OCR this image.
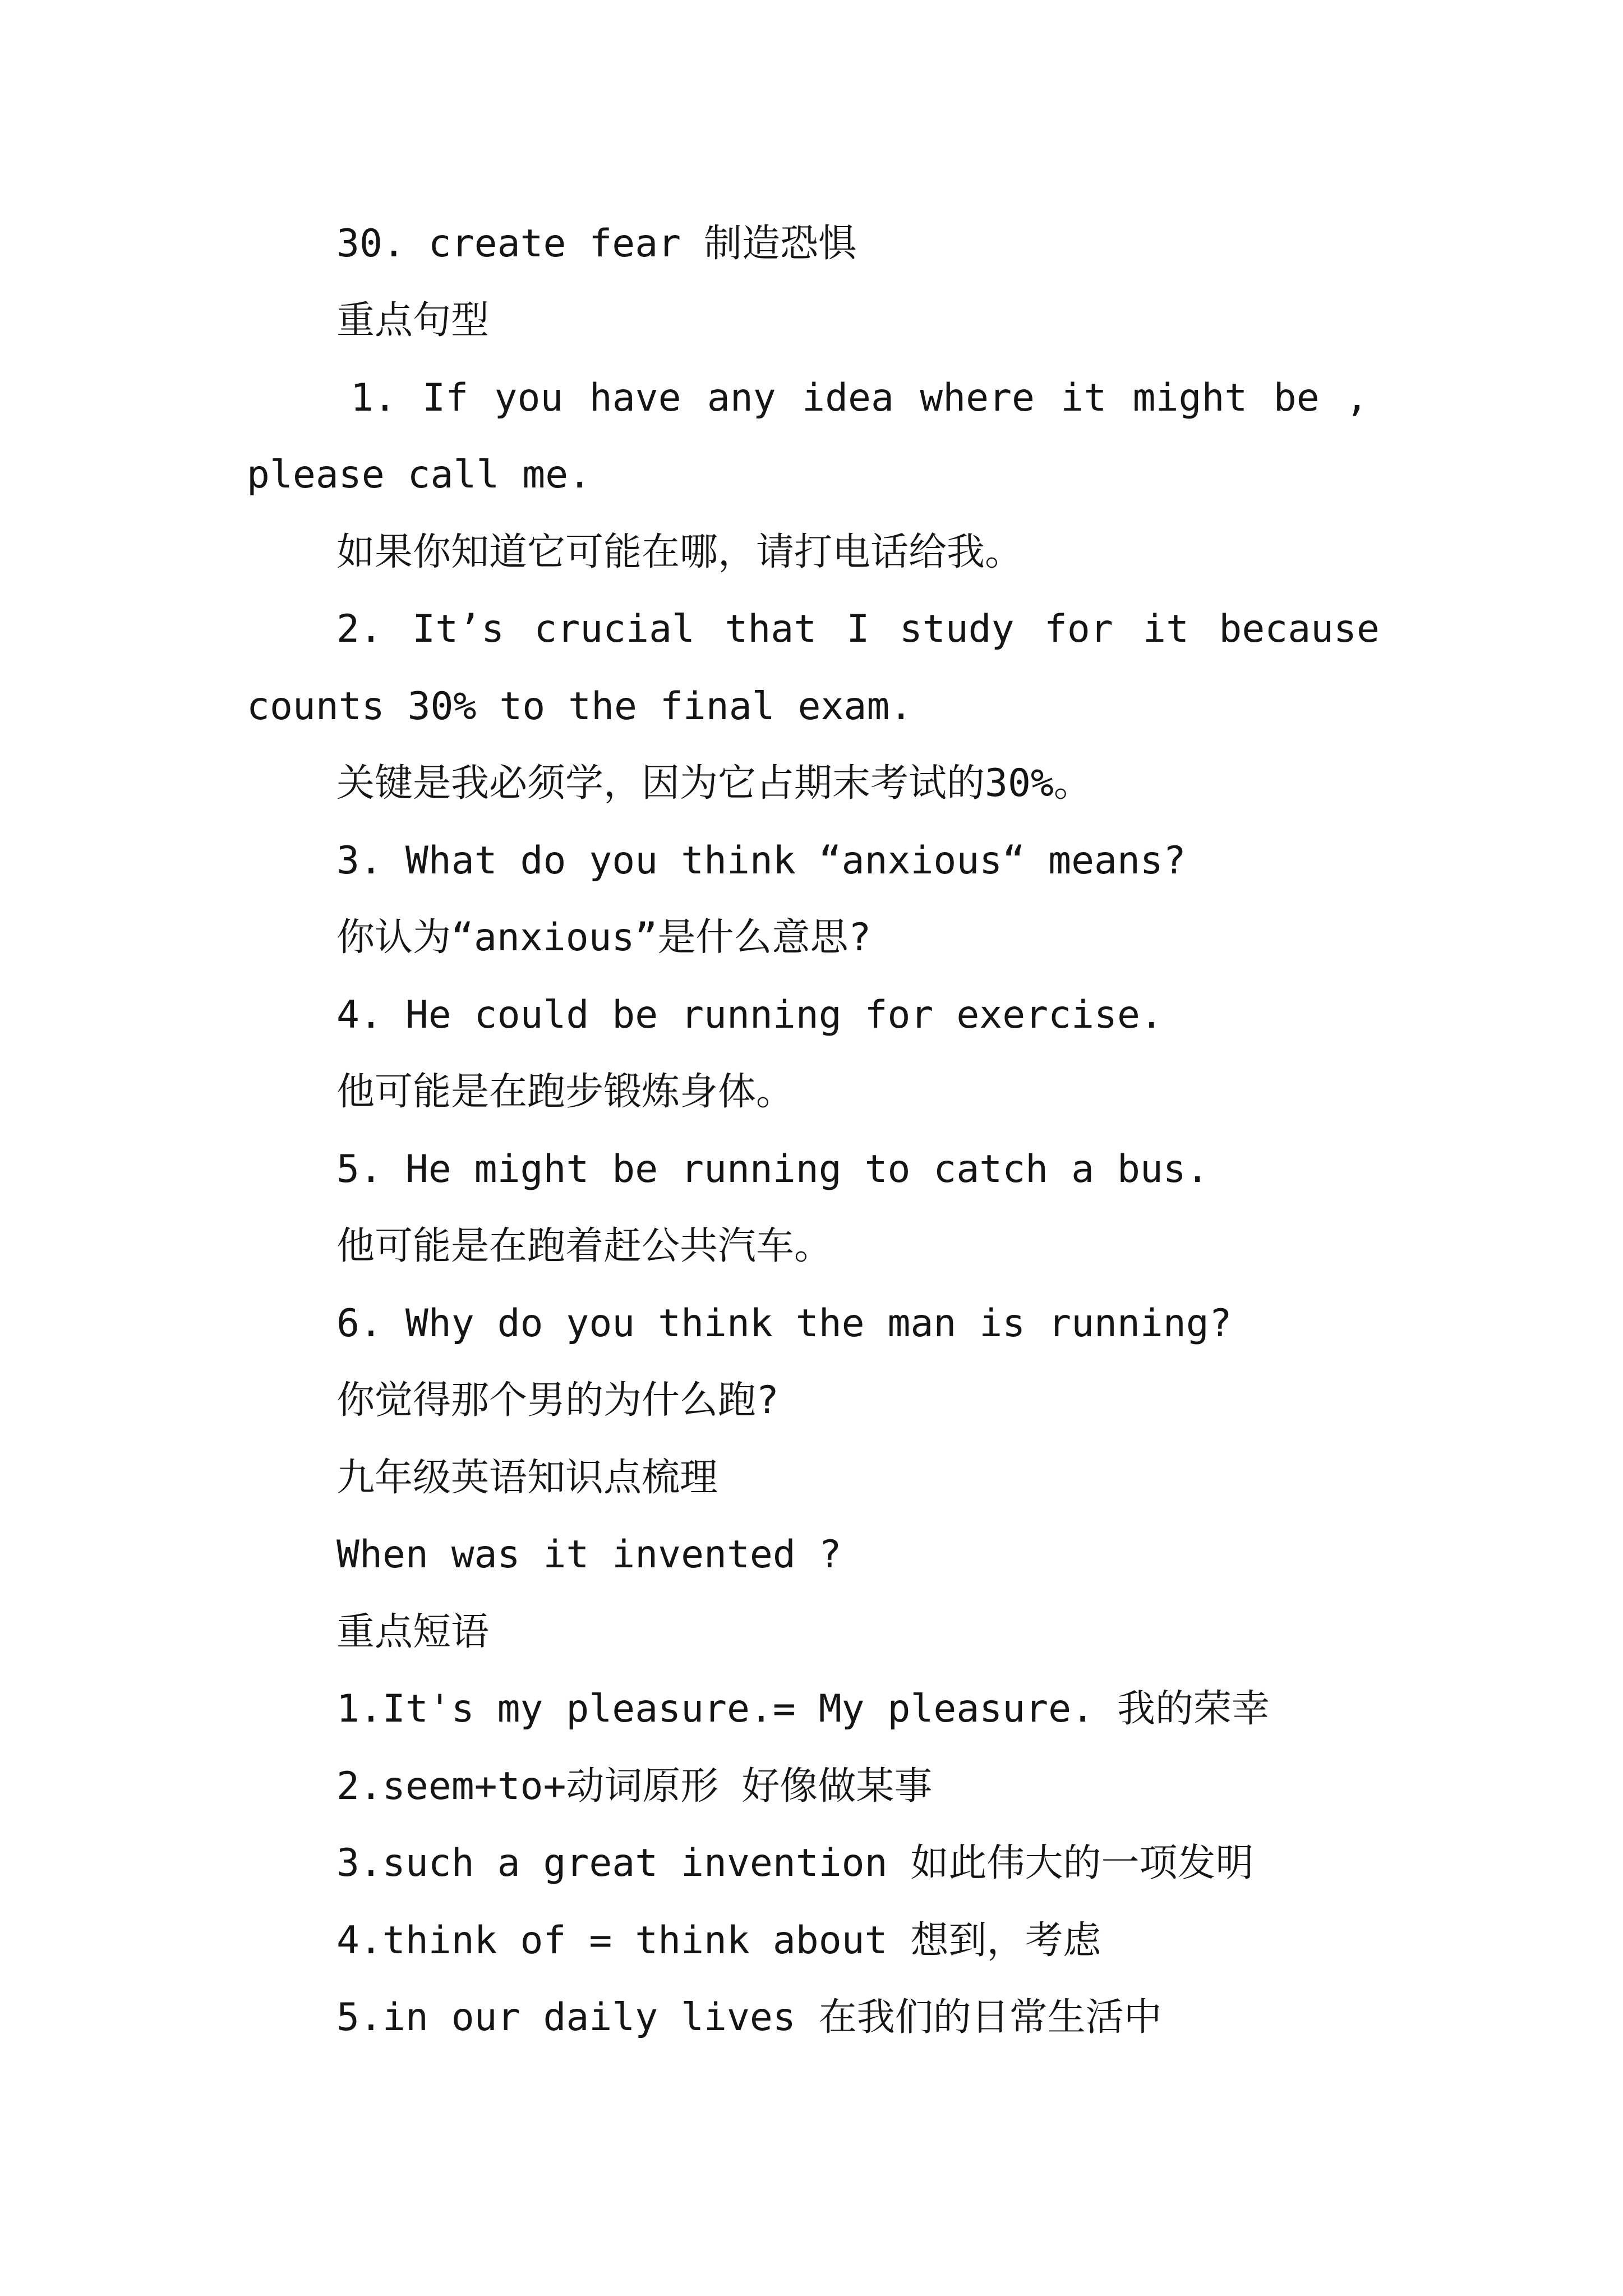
30. create fear 制造恐惧
重点句型
1. If you have any idea where it might be ,
please call me.
如果你知道它可能在哪，请打电话给我。
2. It’s crucial that I study for it because
counts 30% to the final exam.
关键是我必须学，因为它占期末考试的30%。
3. What do you think “anxious“ means?
你认为“anxious”是什么意思?
4. He could be running for exercise.
他可能是在跑步锻炼身体。
5. He might be running to catch a bus.
他可能是在跑着赶公共汽车。
6. Why do you think the man is running?
你觉得那个男的为什么跑?
九年级英语知识点梳理
When was it invented ?
重点短语
1.It's my pleasure.= My pleasure. 我的荣幸
2.seem+to+动词原形 好像做某事
3.such a great invention 如此伟大的一项发明
4.think of = think about 想到，考虑
5.in our daily lives 在我们的日常生活中
